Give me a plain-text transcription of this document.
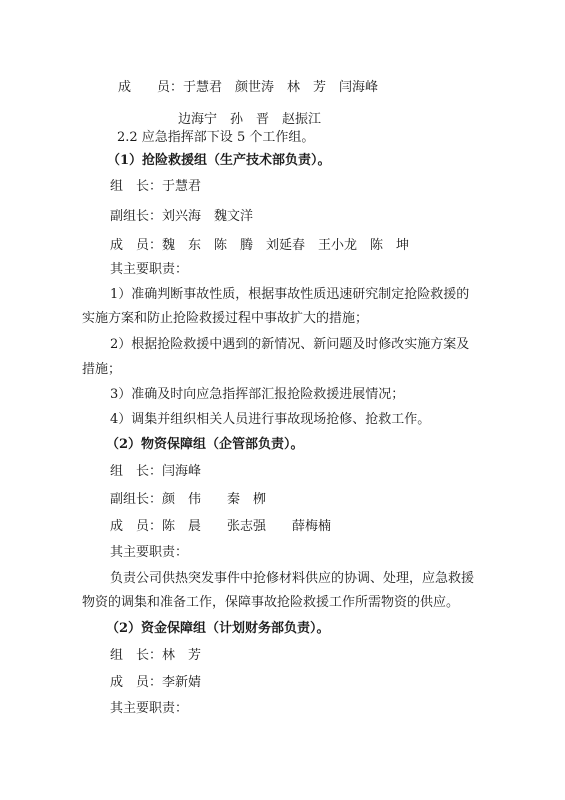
成　　员：于慧君　颜世涛　林　芳　闫海峰
边海宁　孙　晋　赵振江
2.2 应急指挥部下设 5 个工作组。
（1）抢险救援组（生产技术部负责）。
组　长：于慧君
副组长：刘兴海　魏文洋
成　员：魏　东　陈　腾　刘延春　王小龙　陈　坤
其主要职责：
1）准确判断事故性质，根据事故性质迅速研究制定抢险救援的
实施方案和防止抢险救援过程中事故扩大的措施；
2）根据抢险救援中遇到的新情况、新问题及时修改实施方案及
措施；
3）准确及时向应急指挥部汇报抢险救援进展情况；
4）调集并组织相关人员进行事故现场抢修、抢救工作。
（2）物资保障组（企管部负责）。
组　长：闫海峰
副组长：颜　伟　　秦　栁
成　员：陈　晨　　张志强　　薛梅楠
其主要职责：
负责公司供热突发事件中抢修材料供应的协调、处理，应急救援
物资的调集和准备工作，保障事故抢险救援工作所需物资的供应。
（2）资金保障组（计划财务部负责）。
组　长：林　芳
成　员：李新婧
其主要职责：
